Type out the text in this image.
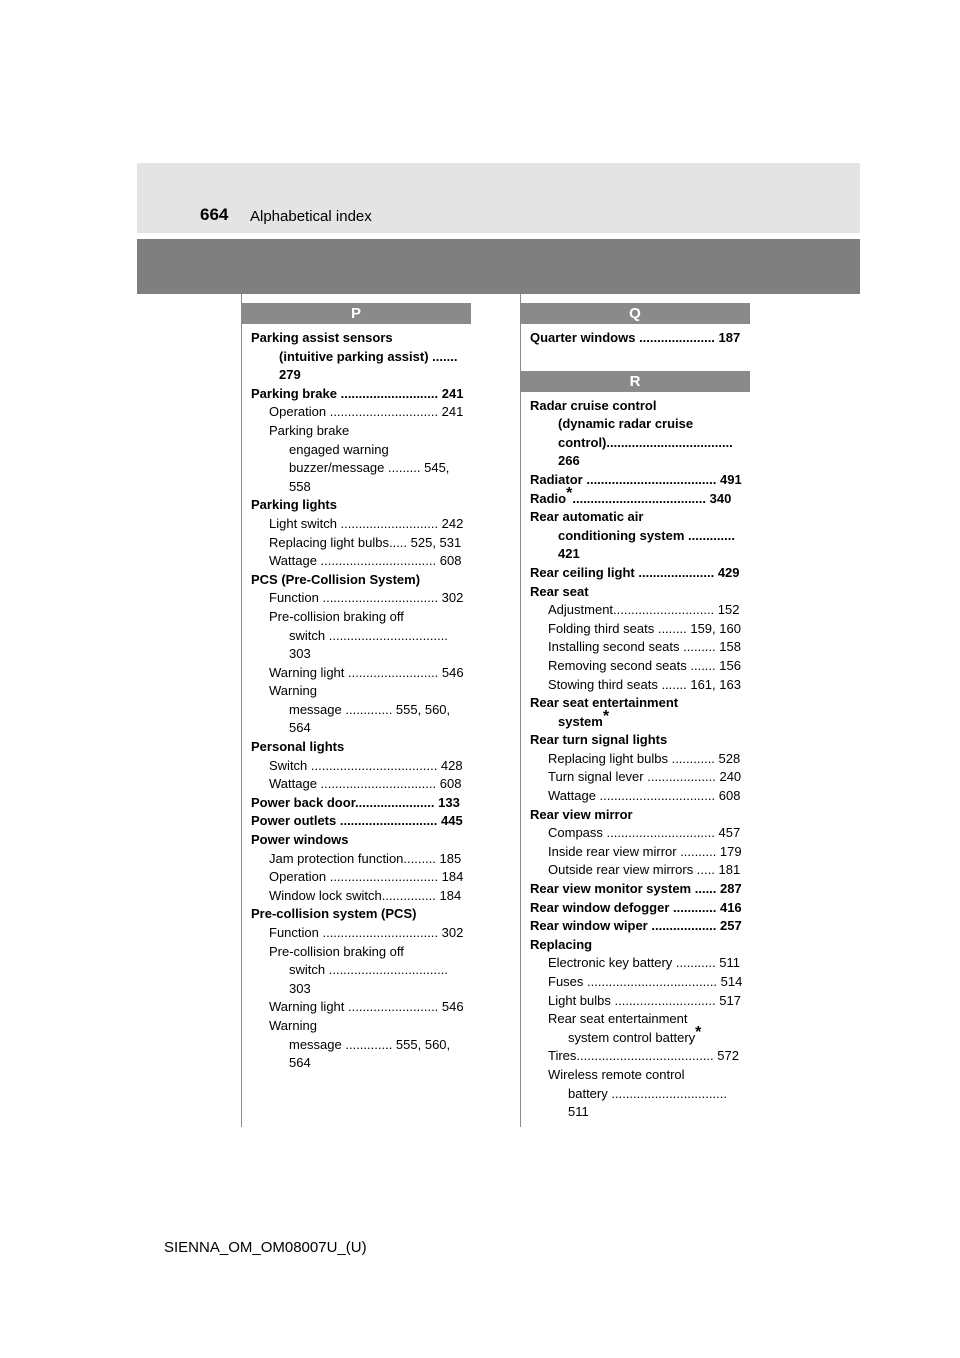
664 Alphabetical index
P
Parking assist sensors
(intuitive parking assist) ....... 279
Parking brake ........................... 241
Operation .............................. 241
Parking brake
engaged warning
buzzer/message ......... 545, 558
Parking lights
Light switch ........................... 242
Replacing light bulbs..... 525, 531
Wattage ................................ 608
PCS (Pre-Collision System)
Function ................................ 302
Pre-collision braking off
switch ................................. 303
Warning light ......................... 546
Warning
message ............. 555, 560, 564
Personal lights
Switch ................................... 428
Wattage ................................ 608
Power back door...................... 133
Power outlets ........................... 445
Power windows
Jam protection function......... 185
Operation .............................. 184
Window lock switch............... 184
Pre-collision system (PCS)
Function ................................ 302
Pre-collision braking off
switch ................................. 303
Warning light ......................... 546
Warning
message ............. 555, 560, 564
Q
Quarter windows ..................... 187
R
Radar cruise control
(dynamic radar cruise
control)................................... 266
Radiator .................................... 491
Radio*..................................... 340
Rear automatic air
conditioning system ............. 421
Rear ceiling light ..................... 429
Rear seat
Adjustment............................ 152
Folding third seats ........ 159, 160
Installing second seats ......... 158
Removing second seats ....... 156
Stowing third seats ....... 161, 163
Rear seat entertainment
system*
Rear turn signal lights
Replacing light bulbs ............ 528
Turn signal lever ................... 240
Wattage ................................ 608
Rear view mirror
Compass .............................. 457
Inside rear view mirror .......... 179
Outside rear view mirrors ..... 181
Rear view monitor system ...... 287
Rear window defogger ............ 416
Rear window wiper .................. 257
Replacing
Electronic key battery ........... 511
Fuses .................................... 514
Light bulbs ............................ 517
Rear seat entertainment
system control battery*
Tires...................................... 572
Wireless remote control
battery ................................ 511
SIENNA_OM_OM08007U_(U)
